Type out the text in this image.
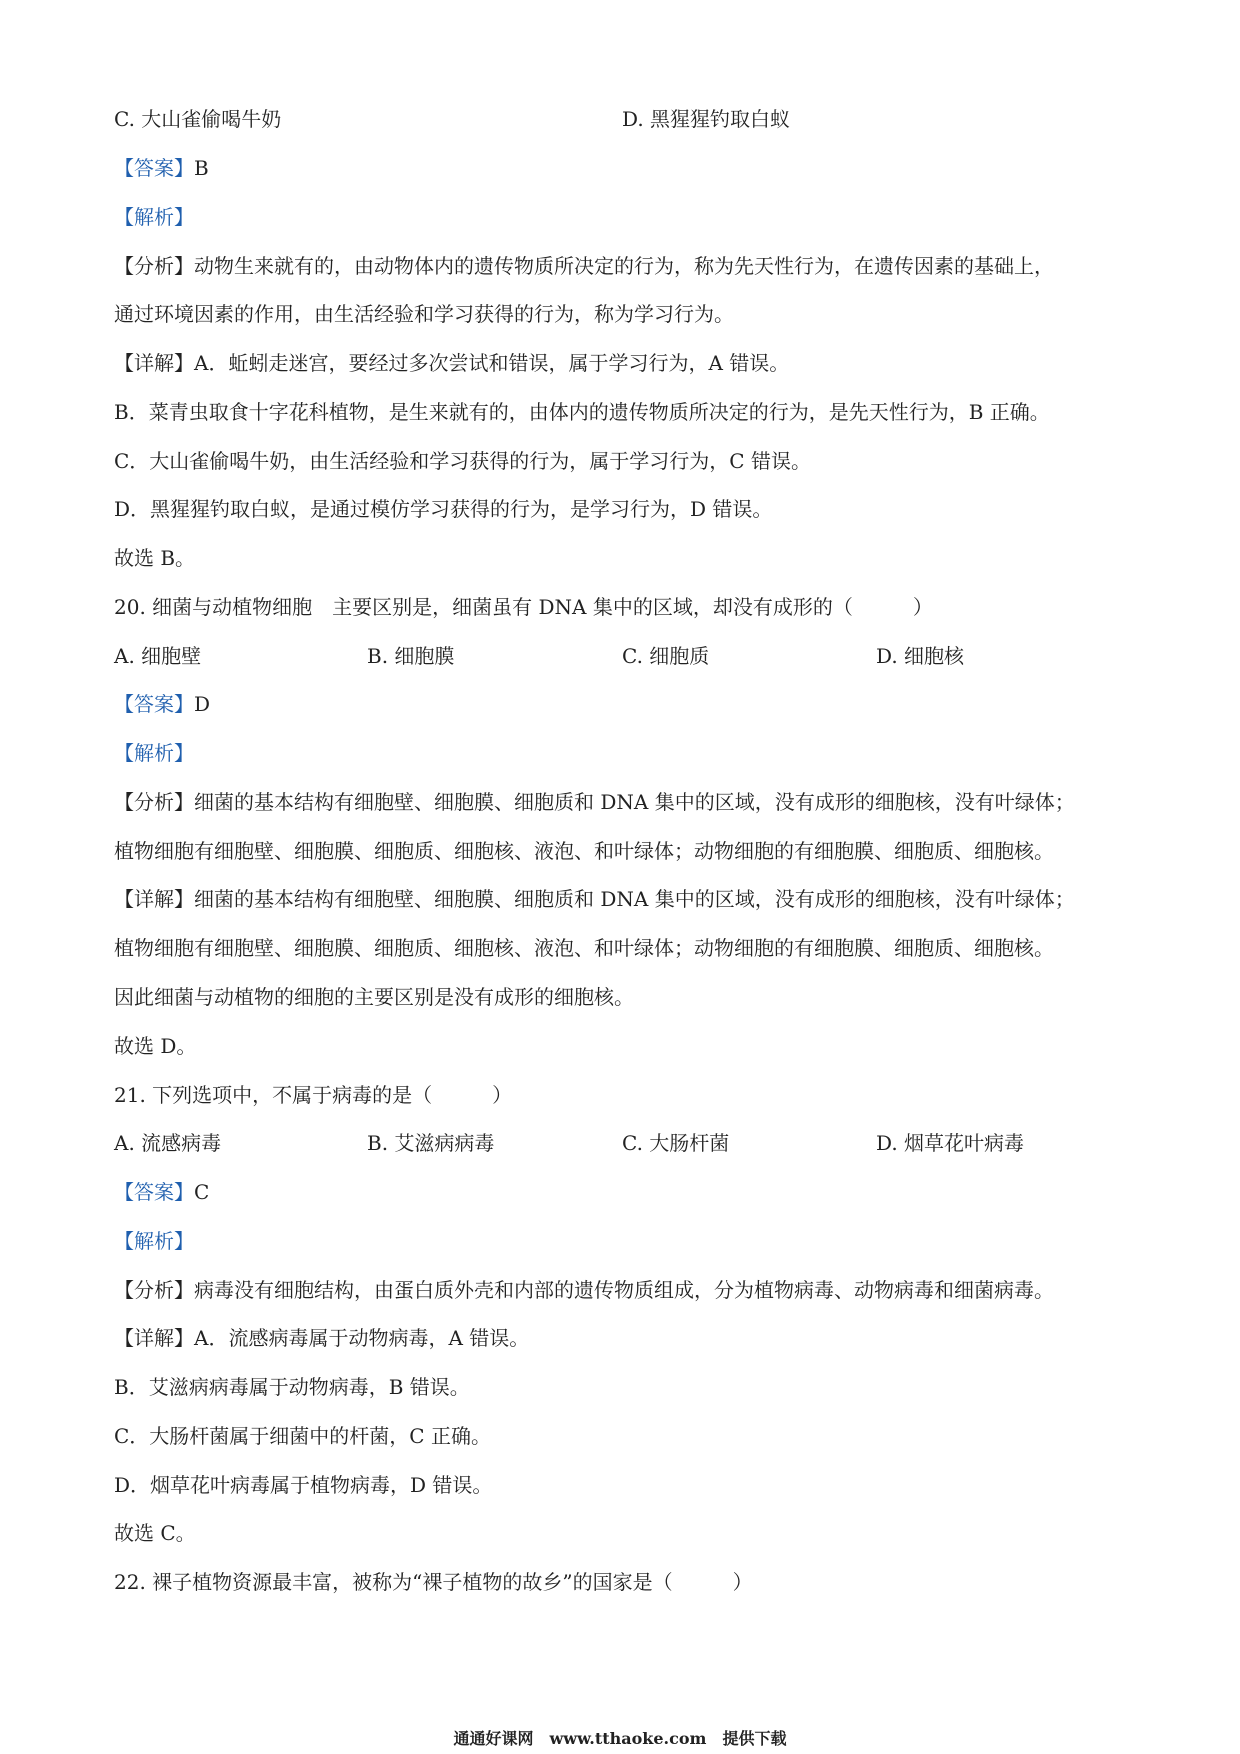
C. 大山雀偷喝牛奶	D. 黑猩猩钓取白蚁
【答案】B
【解析】
【分析】动物生来就有的，由动物体内的遗传物质所决定的行为，称为先天性行为，在遗传因素的基础上，
通过环境因素的作用，由生活经验和学习获得的行为，称为学习行为。
【详解】A．蚯蚓走迷宫，要经过多次尝试和错误，属于学习行为，A 错误。
B．菜青虫取食十字花科植物，是生来就有的，由体内的遗传物质所决定的行为，是先天性行为，B 正确。
C．大山雀偷喝牛奶，由生活经验和学习获得的行为，属于学习行为，C 错误。
D．黑猩猩钓取白蚁，是通过模仿学习获得的行为，是学习行为，D 错误。
故选 B。
20. 细菌与动植物细胞　主要区别是，细菌虽有 DNA 集中的区域，却没有成形的（　　　）
A. 细胞壁	B. 细胞膜	C. 细胞质	D. 细胞核
【答案】D
【解析】
【分析】细菌的基本结构有细胞壁、细胞膜、细胞质和 DNA 集中的区域，没有成形的细胞核，没有叶绿体；
植物细胞有细胞壁、细胞膜、细胞质、细胞核、液泡、和叶绿体；动物细胞的有细胞膜、细胞质、细胞核。
【详解】细菌的基本结构有细胞壁、细胞膜、细胞质和 DNA 集中的区域，没有成形的细胞核，没有叶绿体；
植物细胞有细胞壁、细胞膜、细胞质、细胞核、液泡、和叶绿体；动物细胞的有细胞膜、细胞质、细胞核。
因此细菌与动植物的细胞的主要区别是没有成形的细胞核。
故选 D。
21. 下列选项中，不属于病毒的是（　　　）
A. 流感病毒	B. 艾滋病病毒	C. 大肠杆菌	D. 烟草花叶病毒
【答案】C
【解析】
【分析】病毒没有细胞结构，由蛋白质外壳和内部的遗传物质组成，分为植物病毒、动物病毒和细菌病毒。
【详解】A．流感病毒属于动物病毒，A 错误。
B．艾滋病病毒属于动物病毒，B 错误。
C．大肠杆菌属于细菌中的杆菌，C 正确。
D．烟草花叶病毒属于植物病毒，D 错误。
故选 C。
22. 裸子植物资源最丰富，被称为“裸子植物的故乡”的国家是（　　　）
通通好课网　www.tthaoke.com　提供下载
